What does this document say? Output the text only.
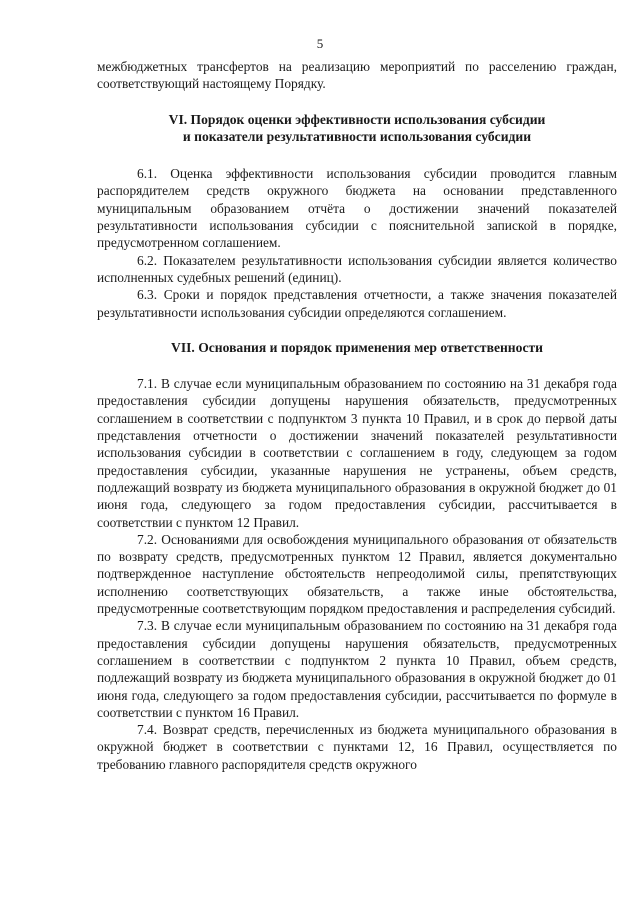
5

межбюджетных трансфертов на реализацию мероприятий по расселению граждан, соответствующий настоящему Порядку.

VI. Порядок оценки эффективности использования субсидии
и показатели результативности использования субсидии

6.1. Оценка эффективности использования субсидии проводится главным распорядителем средств окружного бюджета на основании представленного муниципальным образованием отчёта о достижении значений показателей результативности использования субсидии с пояснительной запиской в порядке, предусмотренном соглашением.

6.2. Показателем результативности использования субсидии является количество исполненных судебных решений (единиц).

6.3. Сроки и порядок представления отчетности, а также значения показателей результативности использования субсидии определяются соглашением.

VII. Основания и порядок применения мер ответственности

7.1. В случае если муниципальным образованием по состоянию на 31 декабря года предоставления субсидии допущены нарушения обязательств, предусмотренных соглашением в соответствии с подпунктом 3 пункта 10 Правил, и в срок до первой даты представления отчетности о достижении значений показателей результативности использования субсидии в соответствии с соглашением в году, следующем за годом предоставления субсидии, указанные нарушения не устранены, объем средств, подлежащий возврату из бюджета муниципального образования в окружной бюджет до 01 июня года, следующего за годом предоставления субсидии, рассчитывается в соответствии с пунктом 12 Правил.

7.2. Основаниями для освобождения муниципального образования от обязательств по возврату средств, предусмотренных пунктом 12 Правил, является документально подтвержденное наступление обстоятельств непреодолимой силы, препятствующих исполнению соответствующих обязательств, а также иные обстоятельства, предусмотренные соответствующим порядком предоставления и распределения субсидий.

7.3. В случае если муниципальным образованием по состоянию на 31 декабря года предоставления субсидии допущены нарушения обязательств, предусмотренных соглашением в соответствии с подпунктом 2 пункта 10 Правил, объем средств, подлежащий возврату из бюджета муниципального образования в окружной бюджет до 01 июня года, следующего за годом предоставления субсидии, рассчитывается по формуле в соответствии с пунктом 16 Правил.

7.4. Возврат средств, перечисленных из бюджета муниципального образования в окружной бюджет в соответствии с пунктами 12, 16 Правил, осуществляется по требованию главного распорядителя средств окружного
